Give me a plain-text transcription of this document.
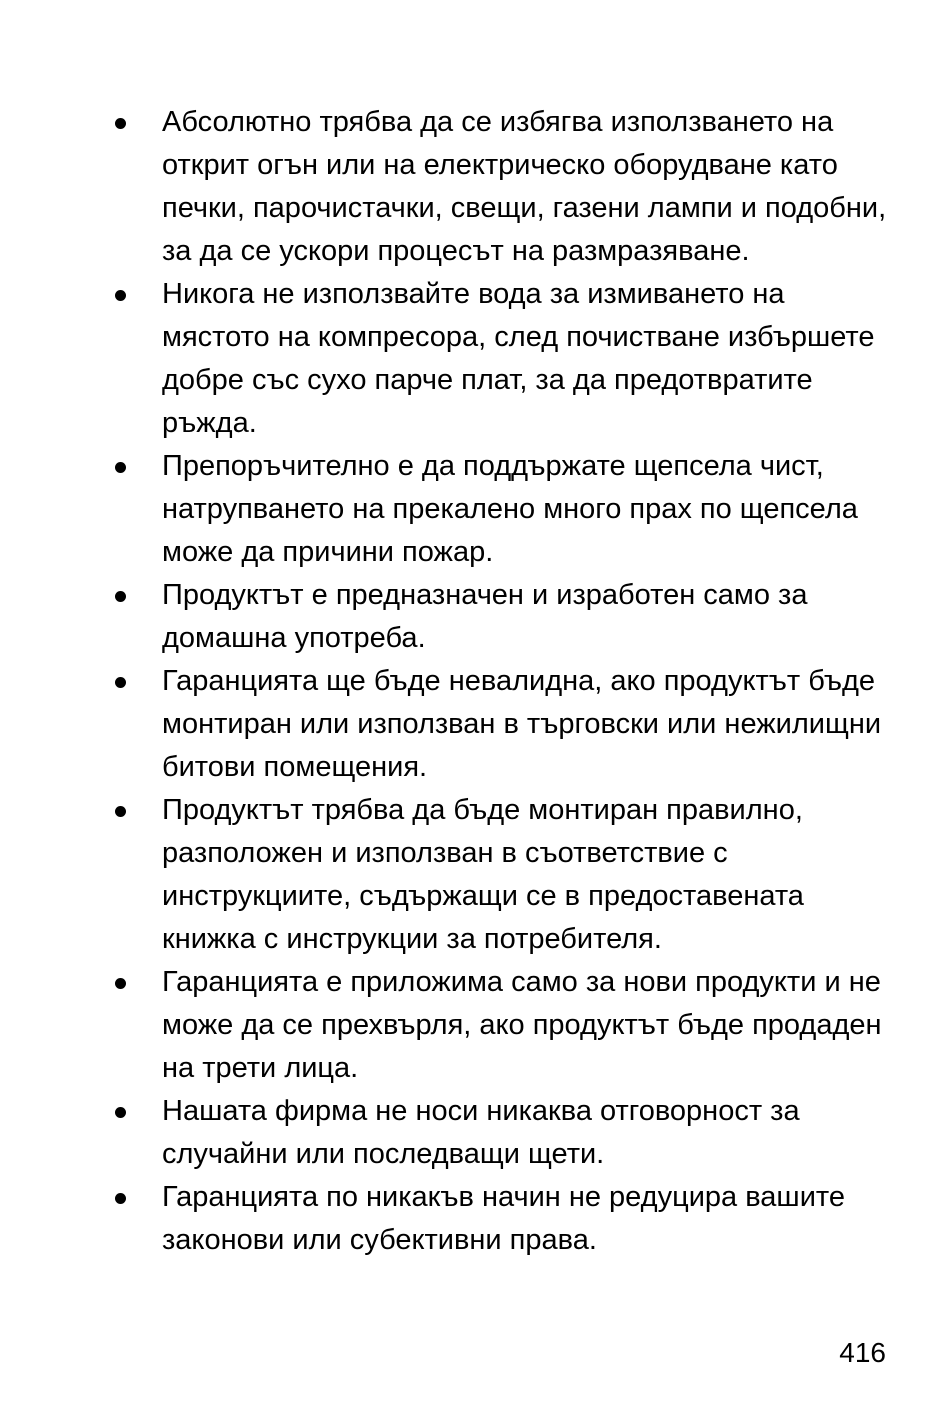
Абсолютно трябва да се избягва използването на открит огън или на електрическо оборудване като печки, парочистачки, свещи, газени лампи и подобни, за да се ускори процесът на размразяване.
Никога не използвайте вода за измиването на мястото на компресора, след почистване избършете добре със сухо парче плат, за да предотвратите ръжда.
Препоръчително е да поддържате щепсела чист, натрупването на прекалено много прах по щепсела може да причини пожар.
Продуктът е предназначен и изработен само за домашна употреба.
Гаранцията ще бъде невалидна, ако продуктът бъде монтиран или използван в търговски или нежилищни битови помещения.
Продуктът трябва да бъде монтиран правилно, разположен и използван в съответствие с инструкциите, съдържащи се в предоставената книжка с инструкции за потребителя.
Гаранцията е приложима само за нови продукти и не може да се прехвърля, ако продуктът бъде продаден на трети лица.
Нашата фирма не носи никаква отговорност за случайни или последващи щети.
Гаранцията по никакъв начин не редуцира вашите законови или субективни права.
416
